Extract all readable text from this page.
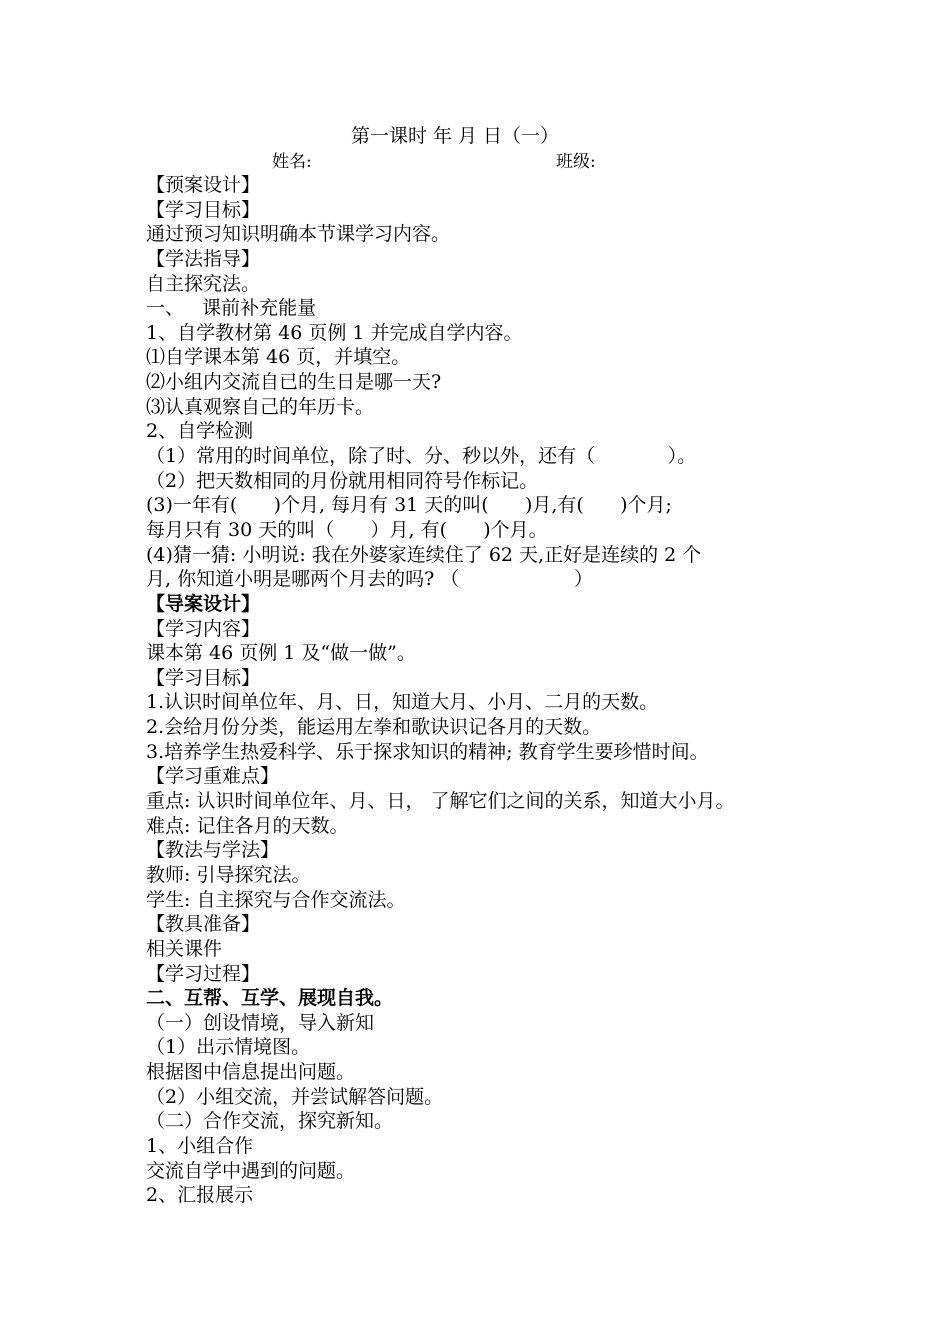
第一课时 年 月 日（一）
姓名:	班级:
【预案设计】
【学习目标】
通过预习知识明确本节课学习内容。
【学法指导】
自主探究法。
一、   课前补充能量
1、自学教材第 46 页例 1 并完成自学内容。
⑴自学课本第 46 页，并填空。
⑵小组内交流自已的生日是哪一天?
⑶认真观察自己的年历卡。
2、自学检测
（1）常用的时间单位，除了时、分、秒以外，还有（            ）。
（2）把天数相同的月份就用相同符号作标记。
(3)一年有(      )个月, 每月有 31 天的叫(      )月,有(      )个月;
每月只有 30 天的叫（      ）月, 有(      )个月。
(4)猜一猜: 小明说: 我在外婆家连续住了 62 天,正好是连续的 2 个
月, 你知道小明是哪两个月去的吗? （                   ）
【导案设计】
【学习内容】
课本第 46 页例 1 及“做一做”。
【学习目标】
1.认识时间单位年、月、日，知道大月、小月、二月的天数。
2.会给月份分类，能运用左拳和歌诀识记各月的天数。
3.培养学生热爱科学、乐于探求知识的精神; 教育学生要珍惜时间。
【学习重难点】
重点: 认识时间单位年、月、日， 了解它们之间的关系，知道大小月。
难点: 记住各月的天数。
【教法与学法】
教师: 引导探究法。
学生: 自主探究与合作交流法。
【教具准备】
相关课件
【学习过程】
二、互帮、互学、展现自我。
（一）创设情境，导入新知
（1）出示情境图。
根据图中信息提出问题。
（2）小组交流，并尝试解答问题。
（二）合作交流，探究新知。
1、小组合作
交流自学中遇到的问题。
2、汇报展示
